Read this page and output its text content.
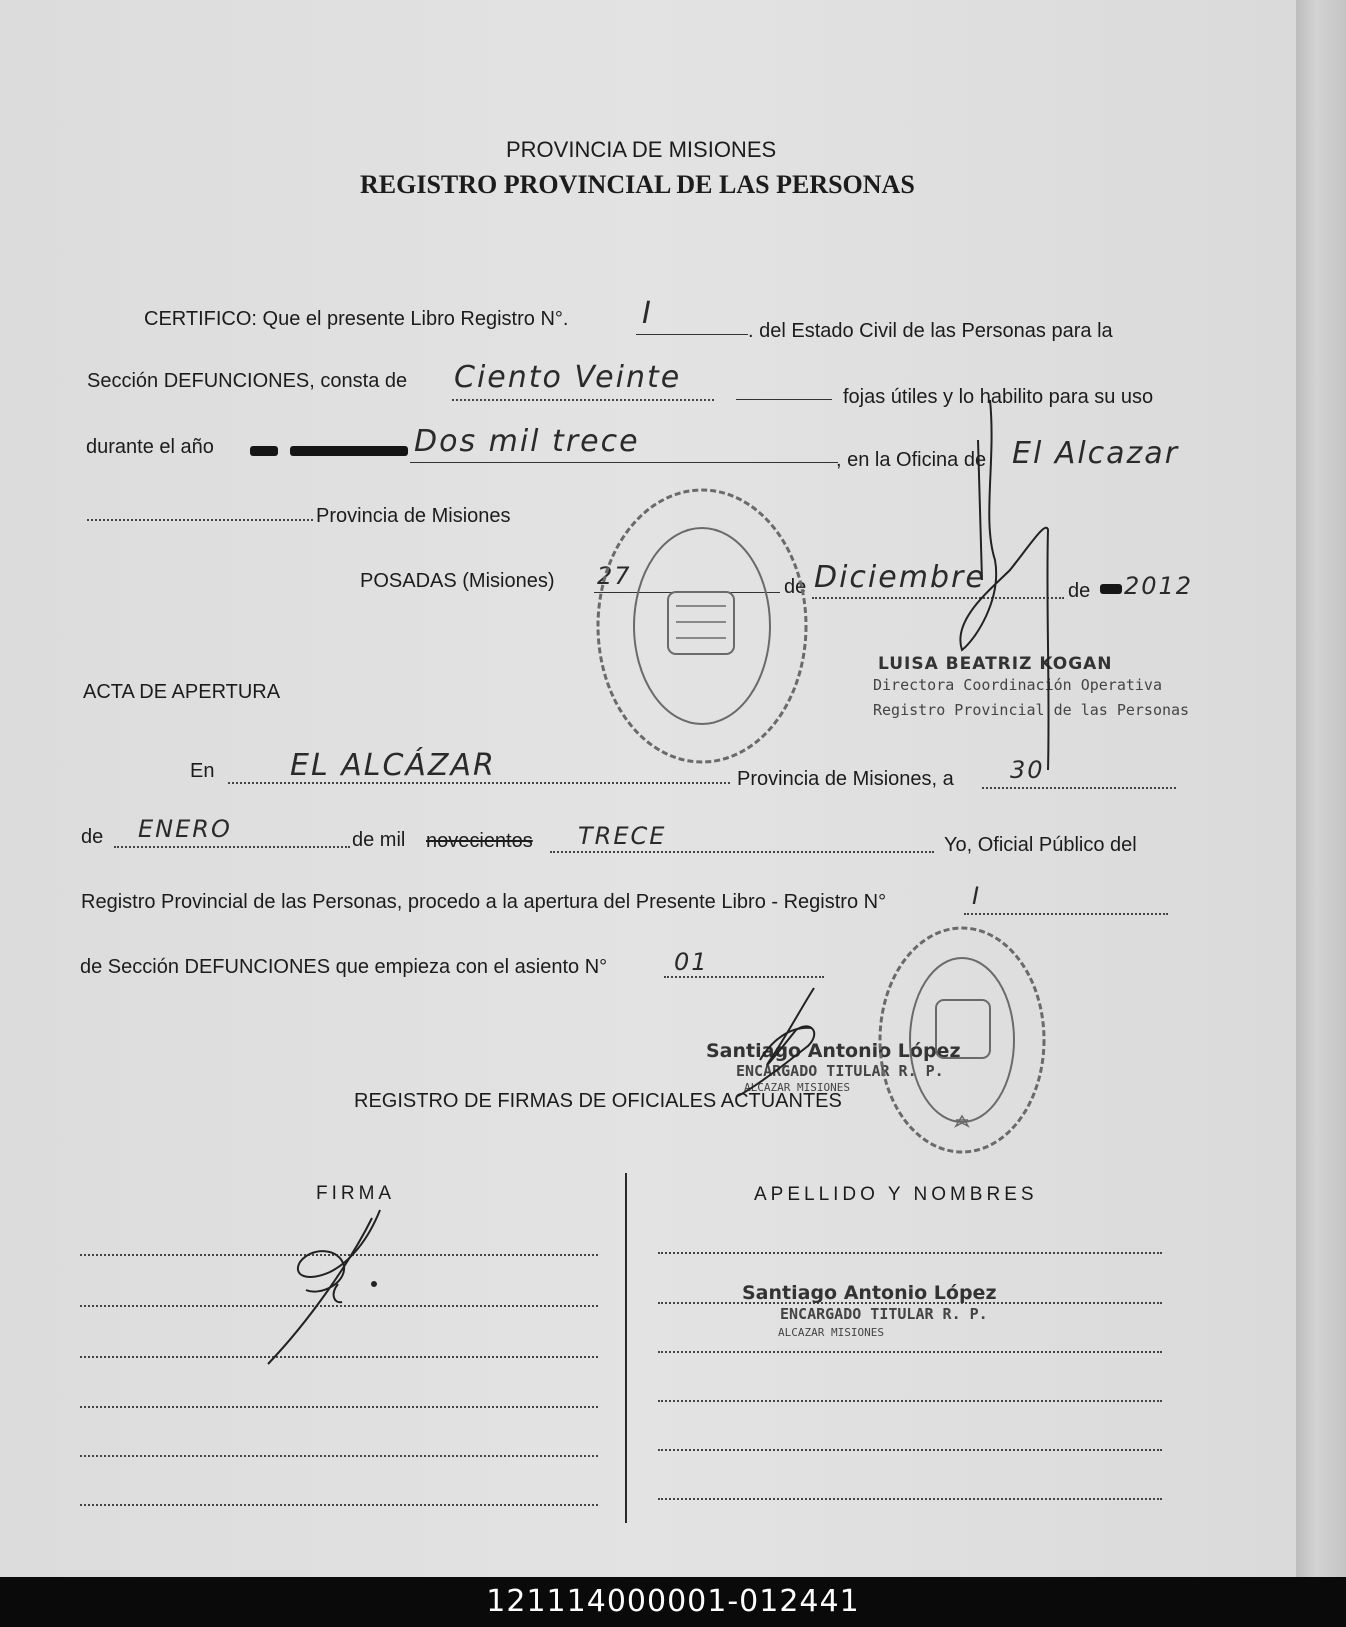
PROVINCIA DE MISIONES
REGISTRO PROVINCIAL DE LAS PERSONAS
CERTIFICO: Que el presente Libro Registro N°. I	. del Estado Civil de las Personas para la
Sección DEFUNCIONES, consta de Ciento Veinte
fojas útiles y lo habilito para su uso
durante el año	Dos mil trece
, en la Oficina de El Alcazar
Provincia de Misiones
POSADAS (Misiones) 27	de Diciembre	de 2012
LUISA BEATRIZ KOGAN
Directora Coordinación Operativa
Registro Provincial de las Personas
ACTA DE APERTURA
En	EL ALCÁZAR	Provincia de Misiones, a 30
de ENERO	de mil novecientos TRECE	Yo, Oficial Público del
Registro Provincial de las Personas, procedo a la apertura del Presente Libro - Registro N°	I
de Sección DEFUNCIONES que empieza con el asiento N°	01
Santiago Antonio López
ENCARGADO TITULAR R. P.
ALCAZAR MISIONES
REGISTRO DE FIRMAS DE OFICIALES ACTUANTES
FIRMA	APELLIDO Y NOMBRES
Santiago Antonio López
ENCARGADO TITULAR R. P.
ALCAZAR MISIONES
121114000001-012441
